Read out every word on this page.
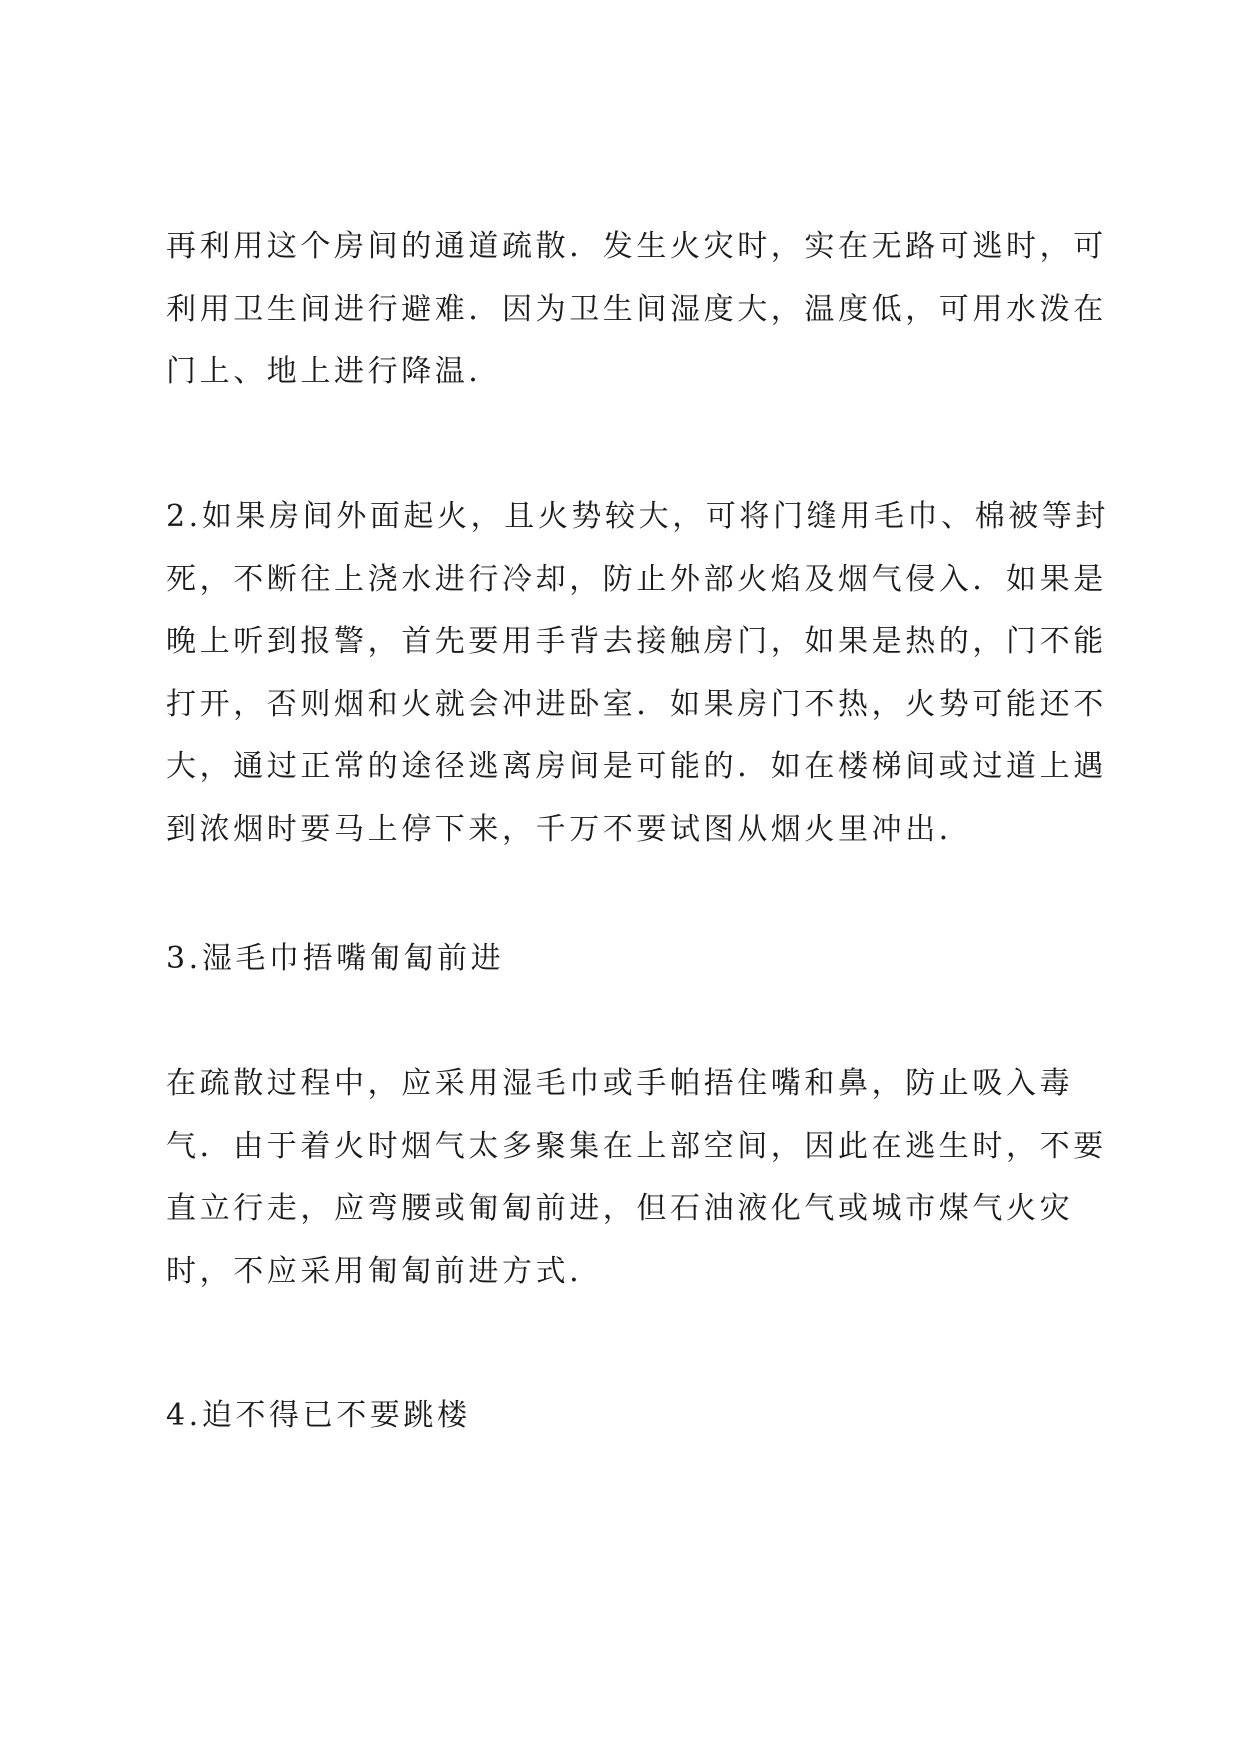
再利用这个房间的通道疏散．发生火灾时，实在无路可逃时，可
利用卫生间进行避难．因为卫生间湿度大，温度低，可用水泼在
门上、地上进行降温．

2.如果房间外面起火，且火势较大，可将门缝用毛巾、棉被等封
死，不断往上浇水进行冷却，防止外部火焰及烟气侵入．如果是
晚上听到报警，首先要用手背去接触房门，如果是热的，门不能
打开，否则烟和火就会冲进卧室．如果房门不热，火势可能还不
大，通过正常的途径逃离房间是可能的．如在楼梯间或过道上遇
到浓烟时要马上停下来，千万不要试图从烟火里冲出．

3.湿毛巾捂嘴匍匐前进

在疏散过程中，应采用湿毛巾或手帕捂住嘴和鼻，防止吸入毒
气．由于着火时烟气太多聚集在上部空间，因此在逃生时，不要
直立行走，应弯腰或匍匐前进，但石油液化气或城市煤气火灾
时，不应采用匍匐前进方式．

4.迫不得已不要跳楼
